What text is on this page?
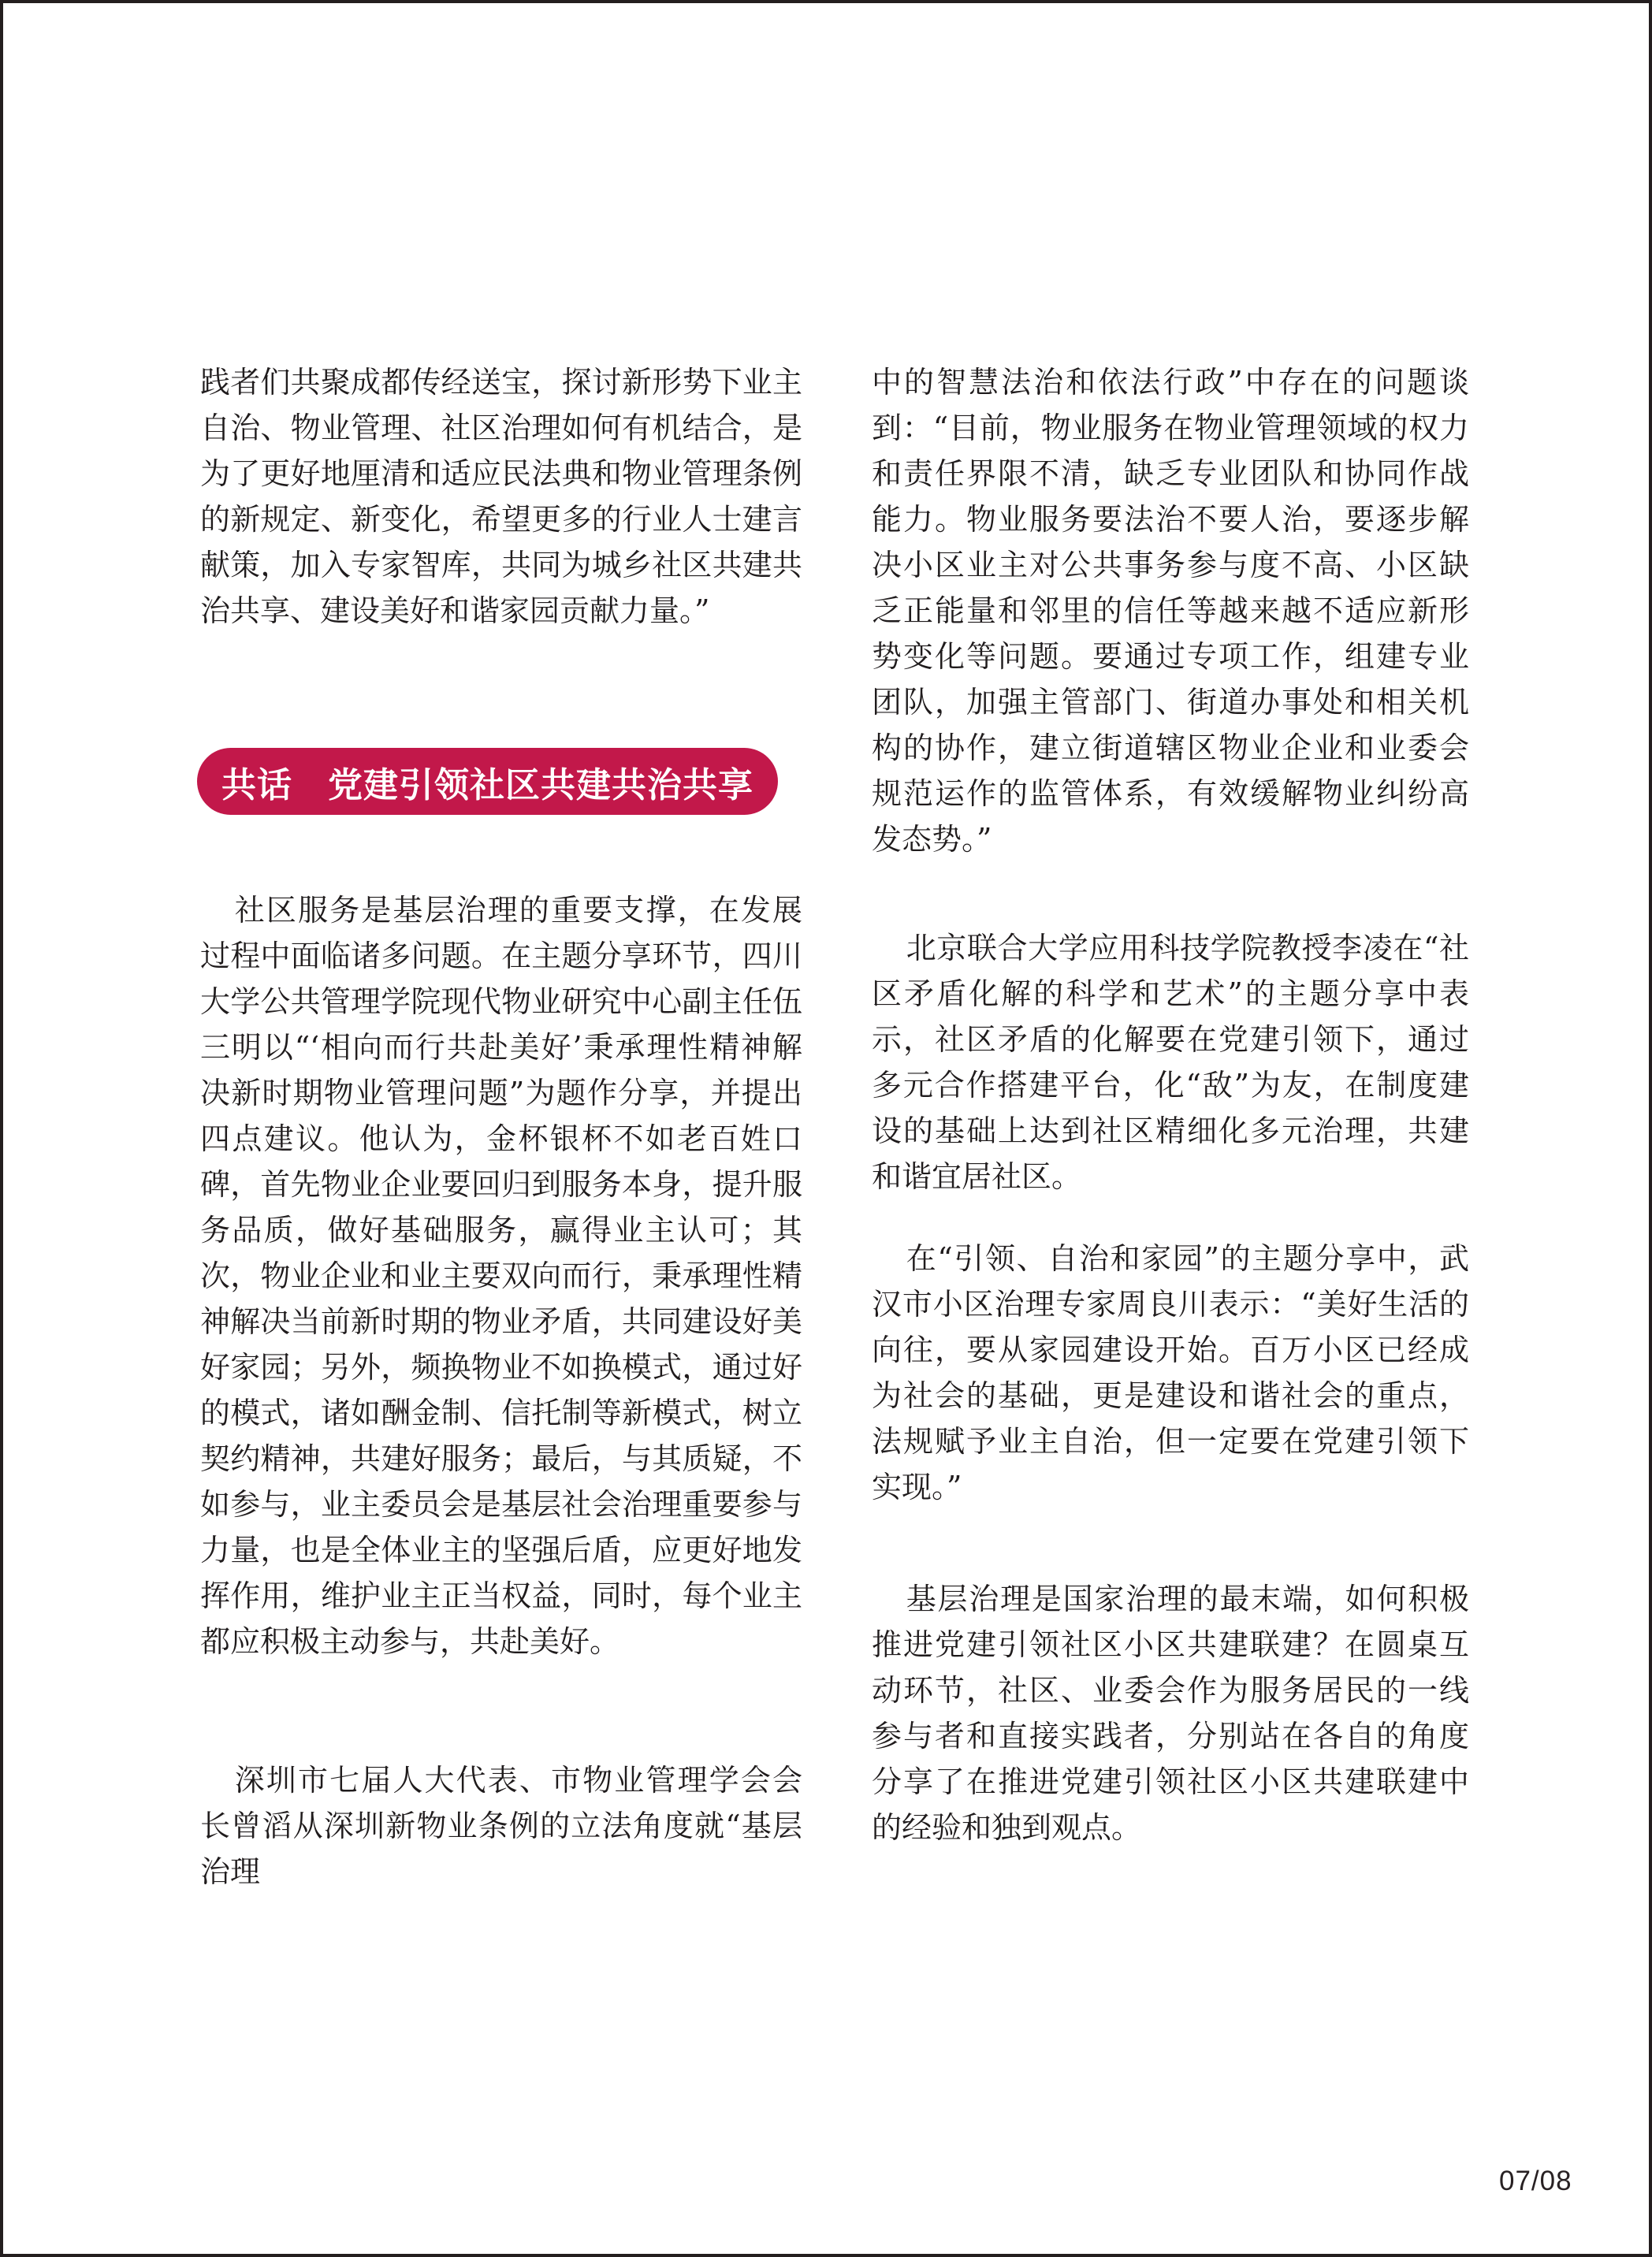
践者们共聚成都传经送宝，探讨新形势下业主自治、物业管理、社区治理如何有机结合，是为了更好地厘清和适应民法典和物业管理条例的新规定、新变化，希望更多的行业人士建言献策，加入专家智库，共同为城乡社区共建共治共享、建设美好和谐家园贡献力量。”

共话　党建引领社区共建共治共享

社区服务是基层治理的重要支撑，在发展过程中面临诸多问题。在主题分享环节，四川大学公共管理学院现代物业研究中心副主任伍三明以“‘相向而行共赴美好’秉承理性精神解决新时期物业管理问题”为题作分享，并提出四点建议。他认为，金杯银杯不如老百姓口碑，首先物业企业要回归到服务本身，提升服务品质，做好基础服务，赢得业主认可；其次，物业企业和业主要双向而行，秉承理性精神解决当前新时期的物业矛盾，共同建设好美好家园；另外，频换物业不如换模式，通过好的模式，诸如酬金制、信托制等新模式，树立契约精神，共建好服务；最后，与其质疑，不如参与，业主委员会是基层社会治理重要参与力量，也是全体业主的坚强后盾，应更好地发挥作用，维护业主正当权益，同时，每个业主都应积极主动参与，共赴美好。

深圳市七届人大代表、市物业管理学会会长曾滔从深圳新物业条例的立法角度就“基层治理

中的智慧法治和依法行政”中存在的问题谈到：“目前，物业服务在物业管理领域的权力和责任界限不清，缺乏专业团队和协同作战能力。物业服务要法治不要人治，要逐步解决小区业主对公共事务参与度不高、小区缺乏正能量和邻里的信任等越来越不适应新形势变化等问题。要通过专项工作，组建专业团队，加强主管部门、街道办事处和相关机构的协作，建立街道辖区物业企业和业委会规范运作的监管体系，有效缓解物业纠纷高发态势。”

北京联合大学应用科技学院教授李凌在“社区矛盾化解的科学和艺术”的主题分享中表示，社区矛盾的化解要在党建引领下，通过多元合作搭建平台，化“敌”为友，在制度建设的基础上达到社区精细化多元治理，共建和谐宜居社区。

在“引领、自治和家园”的主题分享中，武汉市小区治理专家周良川表示：“美好生活的向往，要从家园建设开始。百万小区已经成为社会的基础，更是建设和谐社会的重点，法规赋予业主自治，但一定要在党建引领下实现。”

基层治理是国家治理的最末端，如何积极推进党建引领社区小区共建联建？在圆桌互动环节，社区、业委会作为服务居民的一线参与者和直接实践者，分别站在各自的角度分享了在推进党建引领社区小区共建联建中的经验和独到观点。

07/08
